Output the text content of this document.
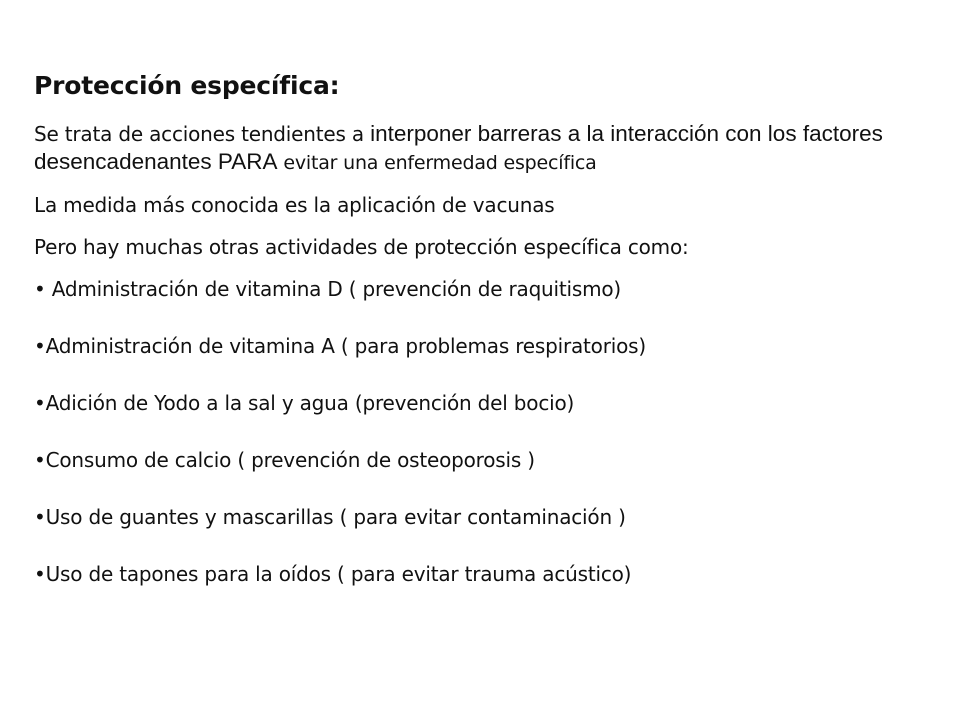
Protección específica:
Se trata de acciones tendientes a interponer barreras a la interacción con los factores desencadenantes PARA evitar una enfermedad específica
La medida más conocida es la aplicación de vacunas
Pero hay muchas otras actividades de protección específica como:
• Administración de vitamina D ( prevención de raquitismo)
•Administración de vitamina A ( para problemas respiratorios)
•Adición de Yodo a la sal y agua (prevención del bocio)
•Consumo de calcio ( prevención de osteoporosis )
•Uso de guantes y mascarillas ( para evitar contaminación )
•Uso de tapones para la oídos ( para evitar trauma acústico)
